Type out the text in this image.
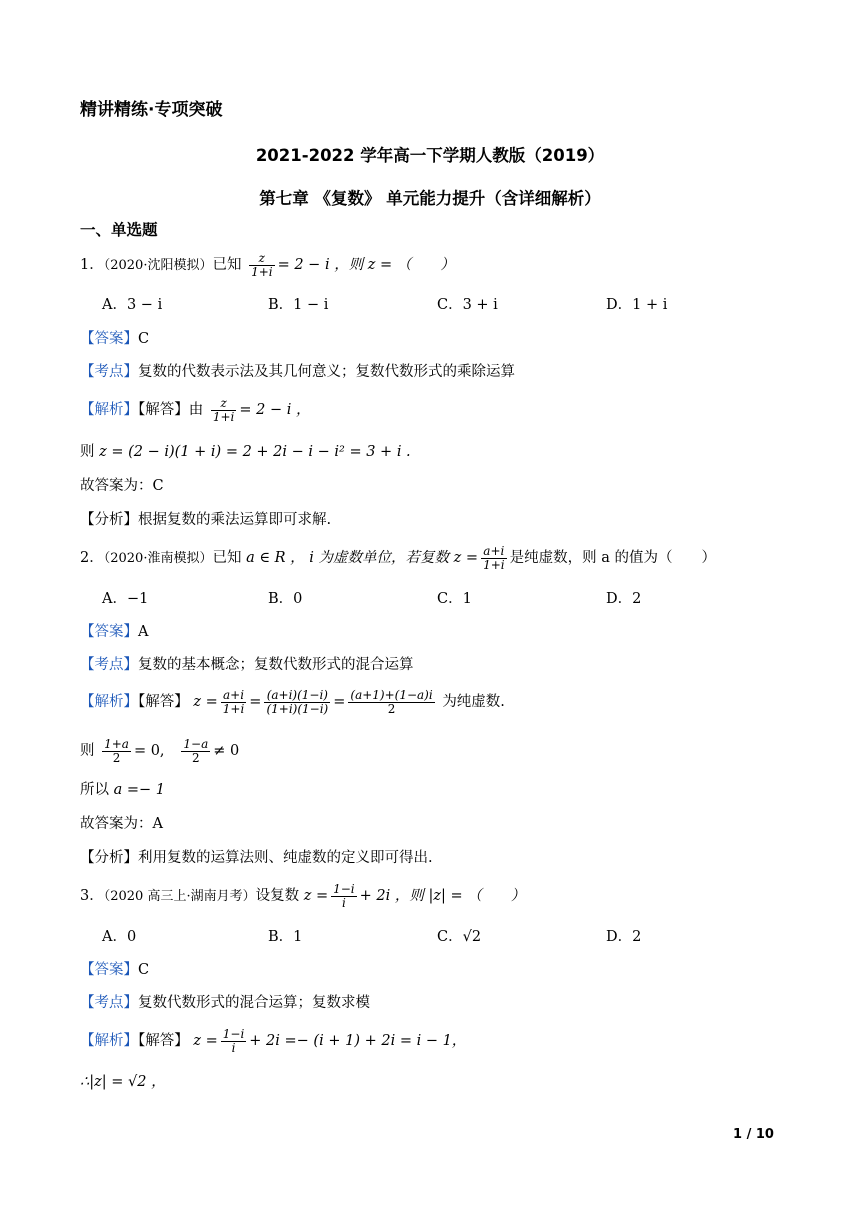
精讲精练·专项突破
2021-2022 学年高一下学期人教版（2019）
第七章 《复数》 单元能力提升（含详细解析）
一、单选题
1．（2020·沈阳模拟）已知 $\frac{z}{1+i} = 2 - i$ ，则 z = （　　）
A．3 − i	B．1 − i	C．3 + i	D．1 + i
【答案】C
【考点】复数的代数表示法及其几何意义；复数代数形式的乘除运算
【解析】【解答】由 $\frac{z}{1+i} = 2 - i$ ，
则 z = (2 − i)(1 + i) = 2 + 2i − i − i² = 3 + i .
故答案为：C
【分析】根据复数的乘法运算即可求解.
2．（2020·淮南模拟）已知 a ∈ R ， i 为虚数单位，若复数 $z = \frac{a+i}{1+i}$ 是纯虚数，则 a 的值为（　　）
A．−1	B．0	C．1	D．2
【答案】A
【考点】复数的基本概念；复数代数形式的混合运算
【解析】【解答】 $z = \frac{a+i}{1+i} = \frac{(a+i)(1-i)}{(1+i)(1-i)} = \frac{(a+1)+(1-a)i}{2}$ 为纯虚数.
则 $\frac{1+a}{2} = 0$, $\frac{1-a}{2} \ne 0$
所以 a =− 1
故答案为：A
【分析】利用复数的运算法则、纯虚数的定义即可得出.
3．（2020 高三上·湖南月考）设复数 $z = \frac{1-i}{i} + 2i$ ，则 |z| = （　　）
A．0	B．1	C．√2	D．2
【答案】C
【考点】复数代数形式的混合运算；复数求模
【解析】【解答】 $z = \frac{1-i}{i} + 2i =- (i + 1) + 2i = i - 1$，
∴|z| = √2 ，
1 / 10
